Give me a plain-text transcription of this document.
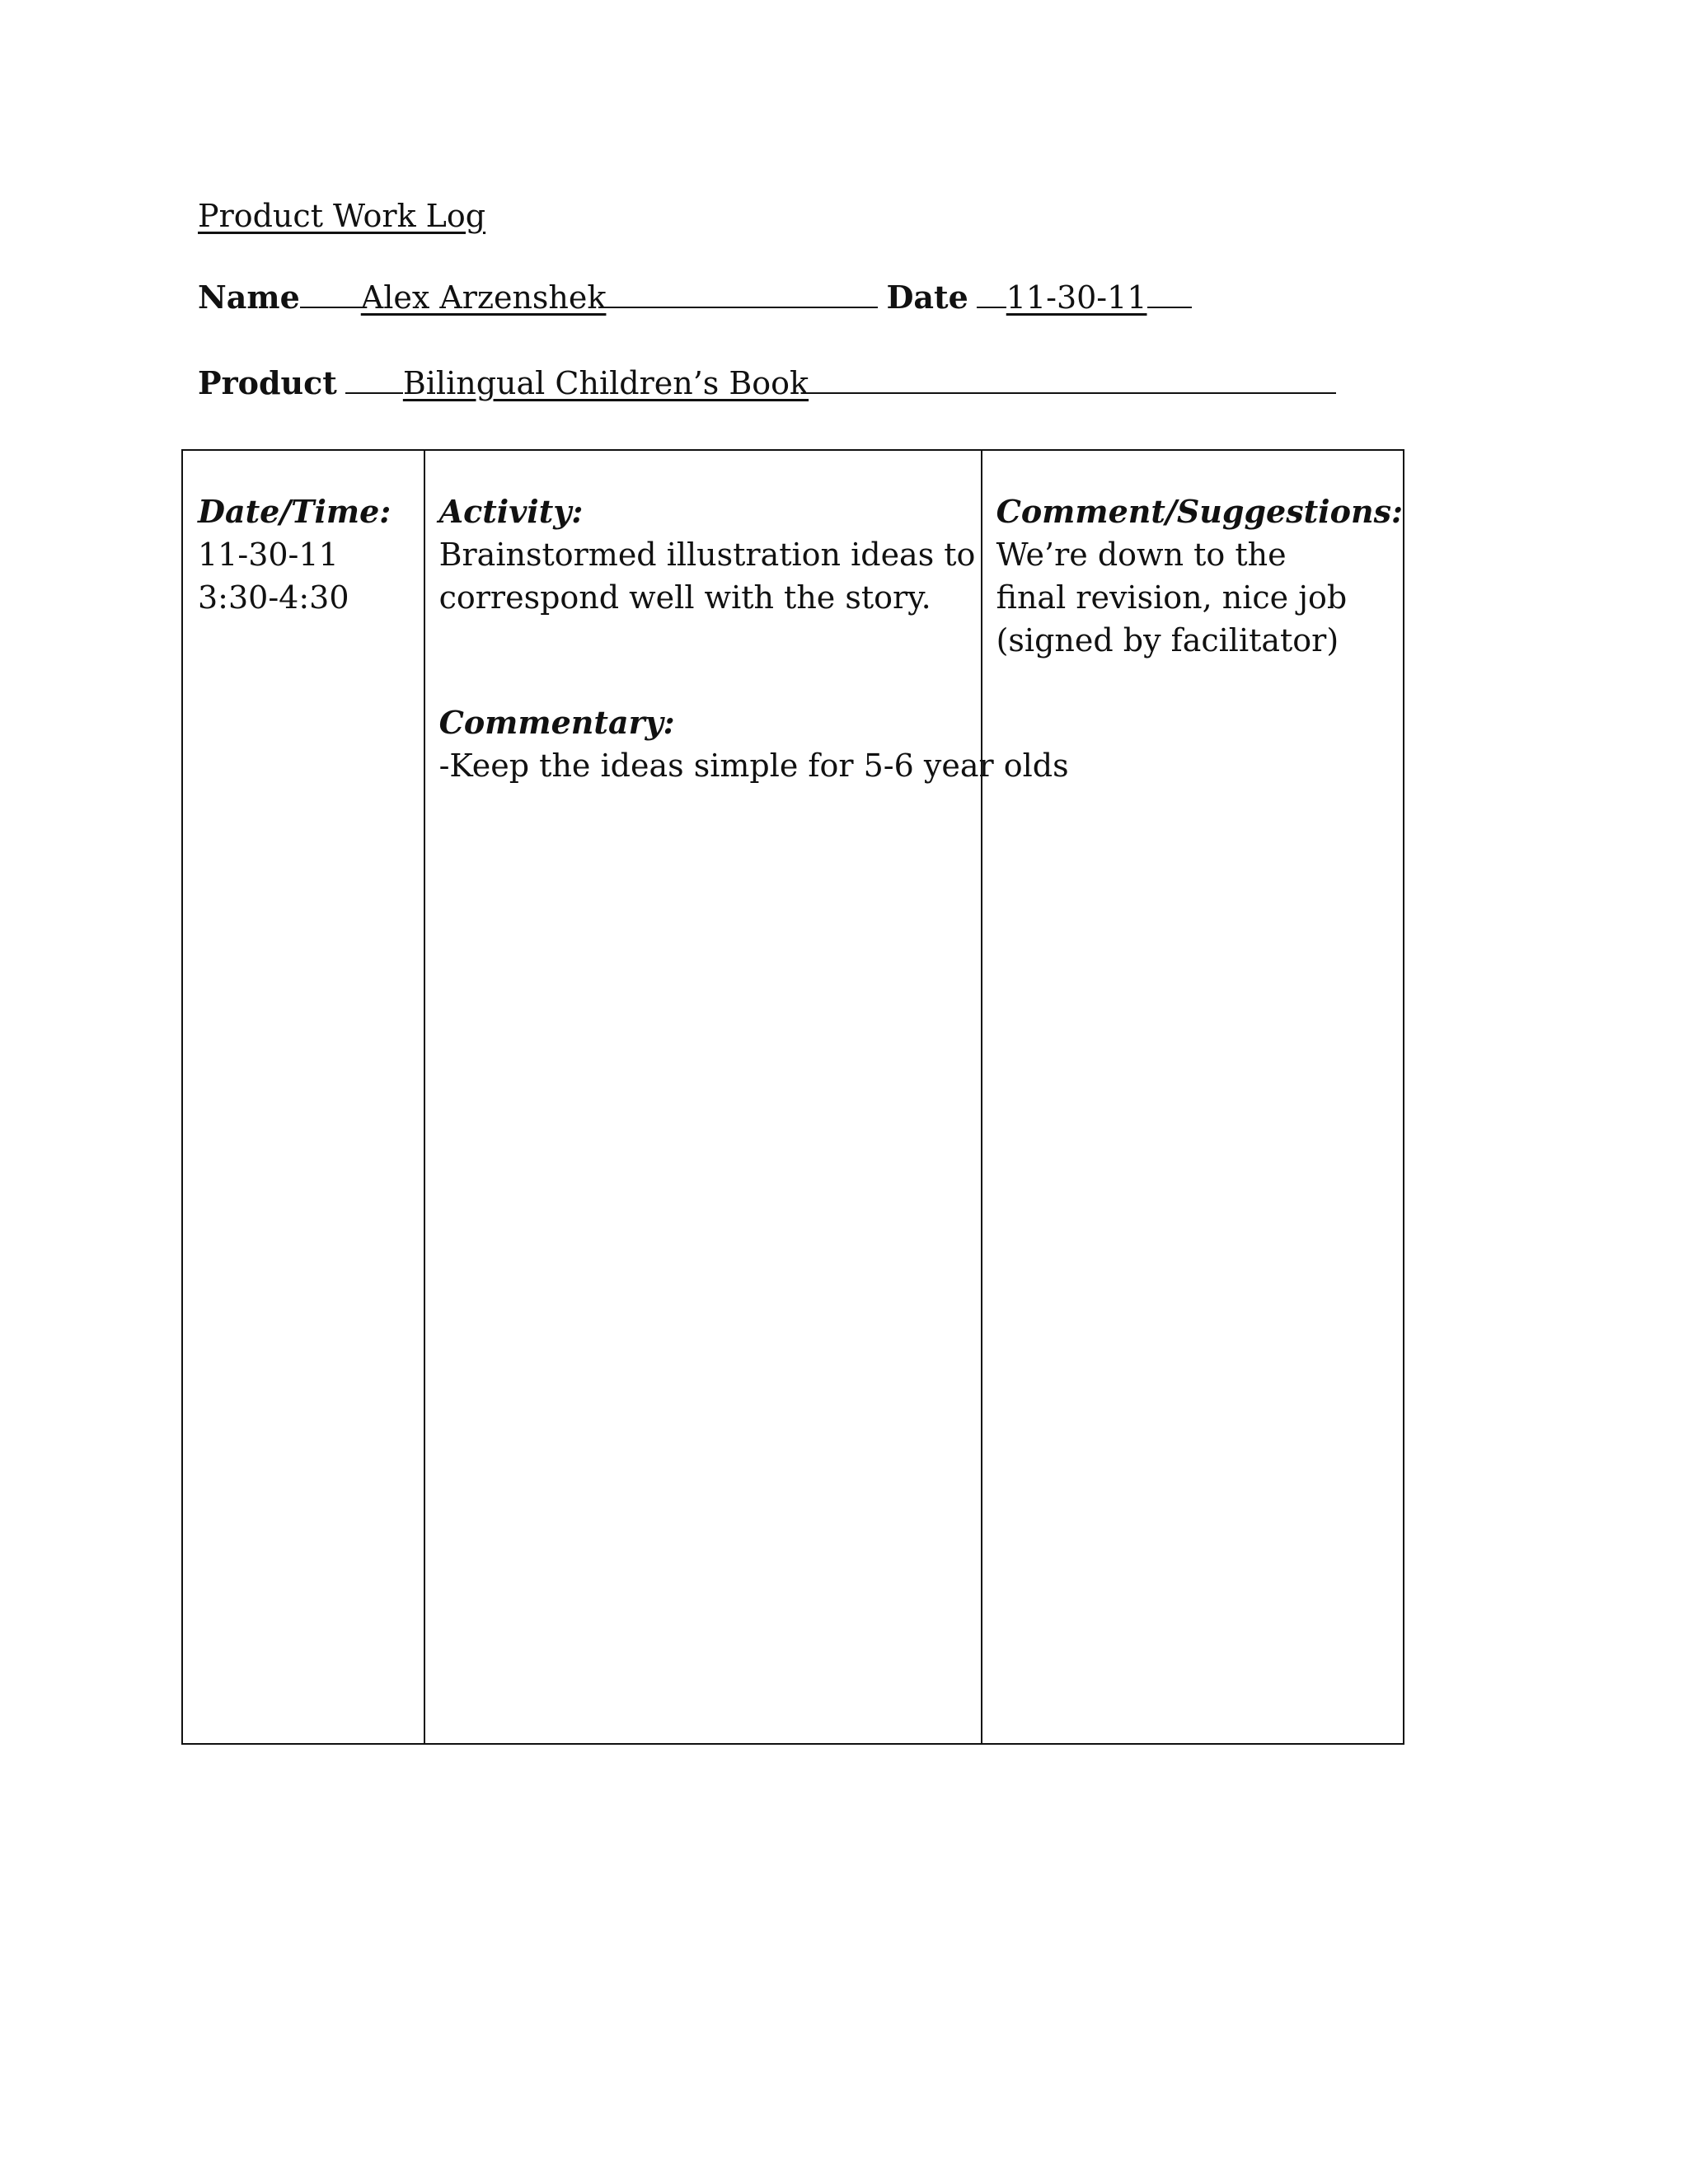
Product Work Log
Name Alex Arzenshek	Date 11-30-11
Product Bilingual Children’s Book
Date/Time:
11-30-11
3:30-4:30
Activity:
Brainstormed illustration ideas to
correspond well with the story.
Commentary:
-Keep the ideas simple for 5-6 year olds
Comment/Suggestions:
We’re down to the
final revision, nice job
(signed by facilitator)
